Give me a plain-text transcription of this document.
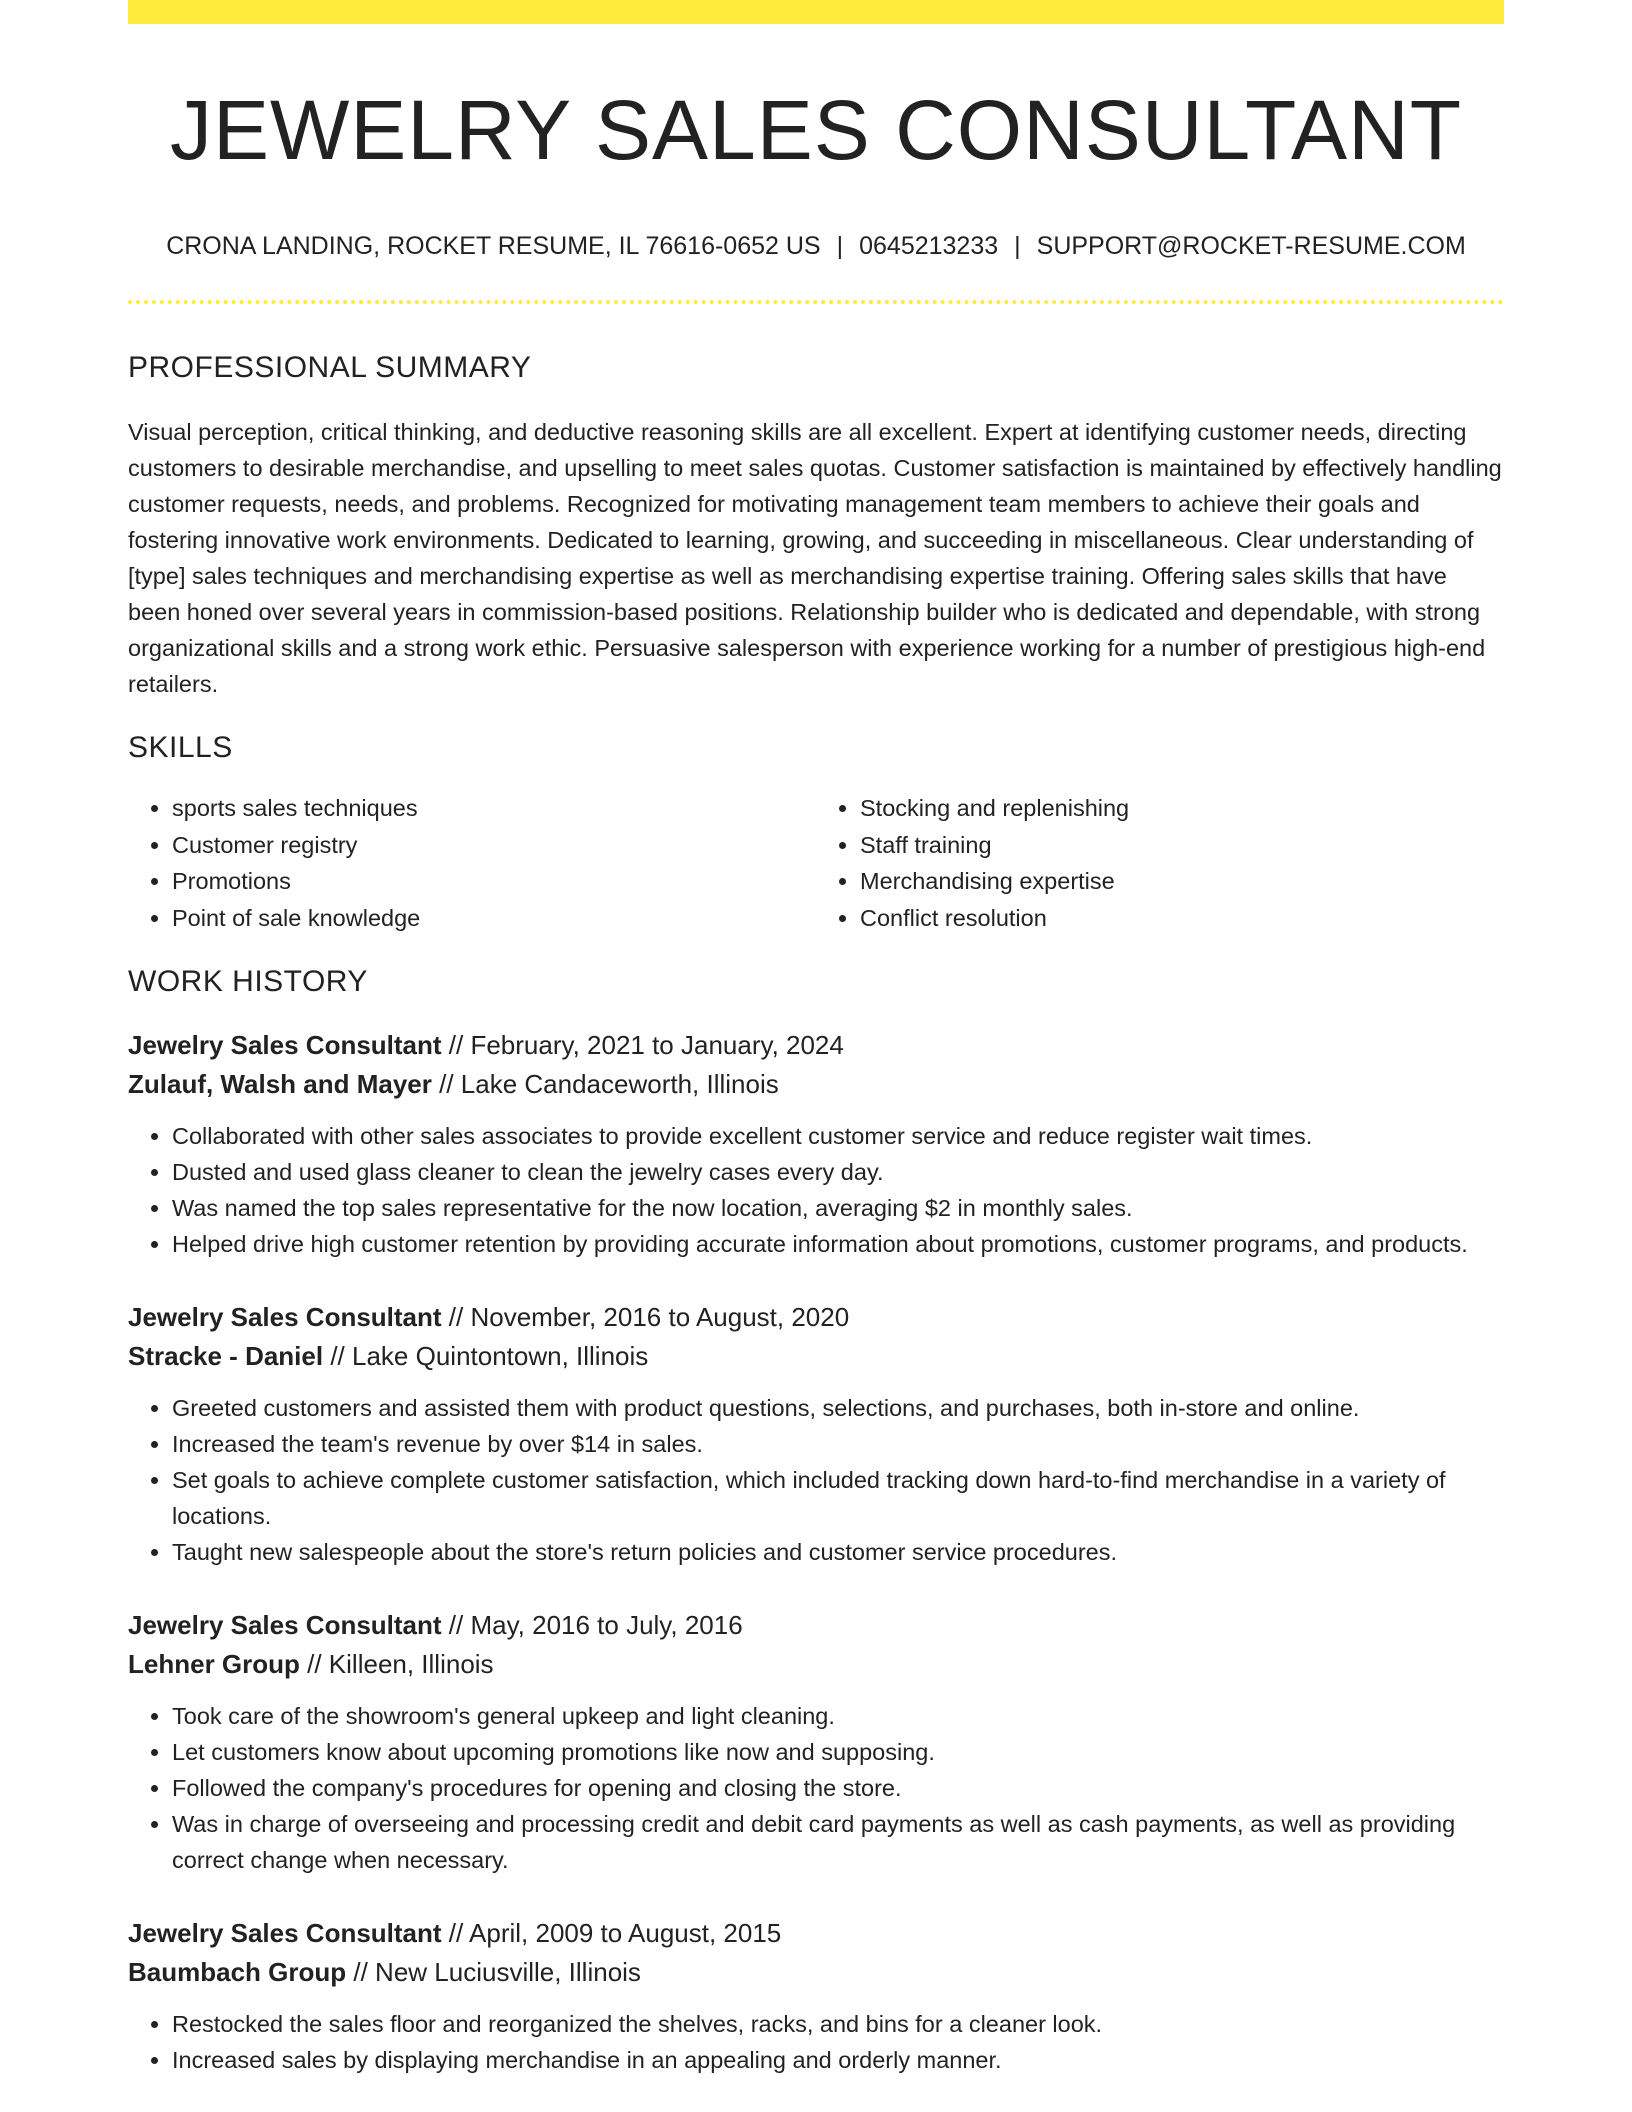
JEWELRY SALES CONSULTANT
CRONA LANDING, ROCKET RESUME, IL 76616-0652 US | 0645213233 | SUPPORT@ROCKET-RESUME.COM
PROFESSIONAL SUMMARY

Visual perception, critical thinking, and deductive reasoning skills are all excellent. Expert at identifying customer needs, directing customers to desirable merchandise, and upselling to meet sales quotas. Customer satisfaction is maintained by effectively handling customer requests, needs, and problems. Recognized for motivating management team members to achieve their goals and fostering innovative work environments. Dedicated to learning, growing, and succeeding in miscellaneous. Clear understanding of [type] sales techniques and merchandising expertise as well as merchandising expertise training. Offering sales skills that have been honed over several years in commission-based positions. Relationship builder who is dedicated and dependable, with strong organizational skills and a strong work ethic. Persuasive salesperson with experience working for a number of prestigious high-end retailers.

SKILLS
• sports sales techniques
• Customer registry
• Promotions
• Point of sale knowledge
• Stocking and replenishing
• Staff training
• Merchandising expertise
• Conflict resolution
WORK HISTORY
Jewelry Sales Consultant // February, 2021 to January, 2024
Zulauf, Walsh and Mayer // Lake Candaceworth, Illinois
• Collaborated with other sales associates to provide excellent customer service and reduce register wait times.
• Dusted and used glass cleaner to clean the jewelry cases every day.
• Was named the top sales representative for the now location, averaging $2 in monthly sales.
• Helped drive high customer retention by providing accurate information about promotions, customer programs, and products.
Jewelry Sales Consultant // November, 2016 to August, 2020
Stracke - Daniel // Lake Quintontown, Illinois
• Greeted customers and assisted them with product questions, selections, and purchases, both in-store and online.
• Increased the team's revenue by over $14 in sales.
• Set goals to achieve complete customer satisfaction, which included tracking down hard-to-find merchandise in a variety of locations.
• Taught new salespeople about the store's return policies and customer service procedures.
Jewelry Sales Consultant // May, 2016 to July, 2016
Lehner Group // Killeen, Illinois
• Took care of the showroom's general upkeep and light cleaning.
• Let customers know about upcoming promotions like now and supposing.
• Followed the company's procedures for opening and closing the store.
• Was in charge of overseeing and processing credit and debit card payments as well as cash payments, as well as providing correct change when necessary.
Jewelry Sales Consultant // April, 2009 to August, 2015
Baumbach Group // New Luciusville, Illinois
• Restocked the sales floor and reorganized the shelves, racks, and bins for a cleaner look.
• Increased sales by displaying merchandise in an appealing and orderly manner.
